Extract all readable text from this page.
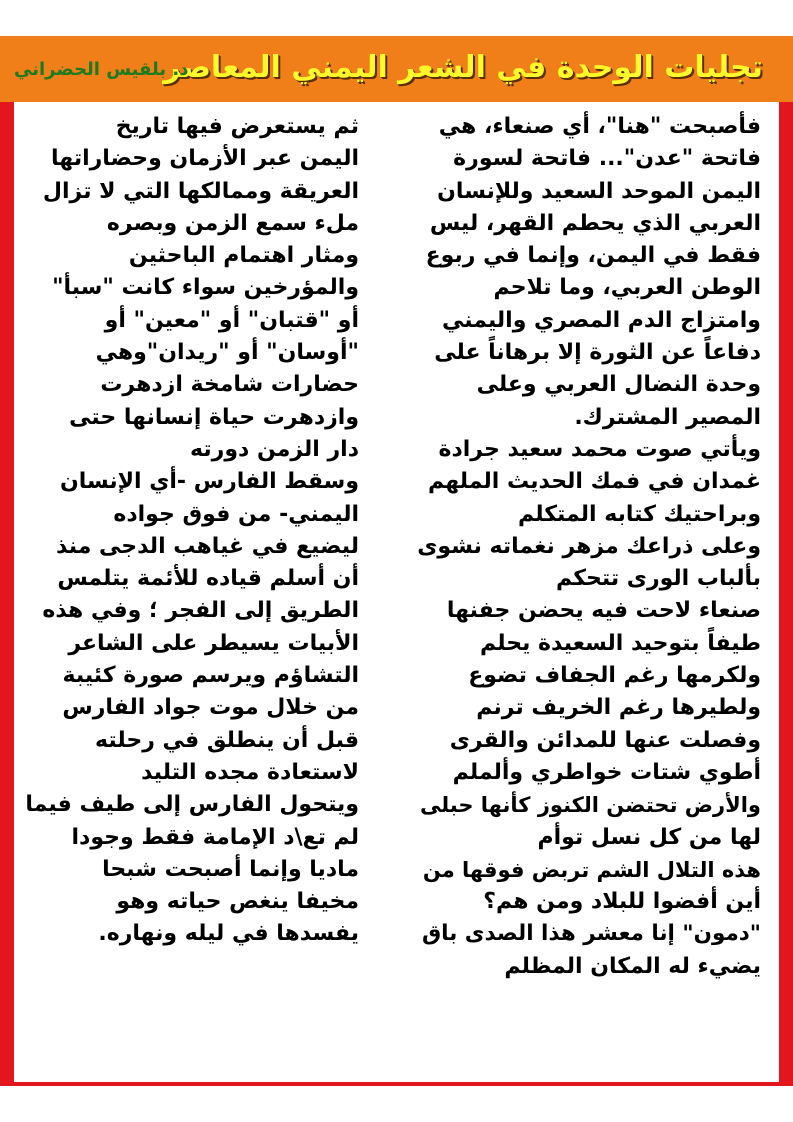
تجليات الوحدة في الشعر اليمني المعاصر
د. بلقيس الحضراني
فأصبحت "هنا"، أي صنعاء، هي
فاتحة "عدن"... فاتحة لسورة
اليمن الموحد السعيد وللإنسان
العربي الذي يحطم القهر، ليس
فقط في اليمن، وإنما في ربوع
الوطن العربي، وما تلاحم
وامتزاج الدم المصري واليمني
دفاعاً عن الثورة إلا برهاناً على
وحدة النضال العربي وعلى
المصير المشترك.
ويأتي صوت محمد سعيد جرادة
غمدان في فمك الحديث الملهم
وبراحتيك كتابه المتكلم
وعلى ذراعك مزهر نغماته نشوى
بألباب الورى تتحكم
صنعاء لاحت فيه يحضن جفنها
طيفاً بتوحيد السعيدة يحلم
ولكرمها رغم الجفاف تضوع
ولطيرها رغم الخريف ترنم
وفصلت عنها للمدائن والقرى
أطوي شتات خواطري وألملم
والأرض تحتضن الكنوز كأنها حبلى
لها من كل نسل توأم
هذه التلال الشم تربض فوقها من
أين أفضوا للبلاد ومن هم؟
"دمون" إنا معشر هذا الصدى باق
يضيء له المكان المظلم
ثم يستعرض فيها تاريخ
اليمن عبر الأزمان وحضاراتها
العريقة وممالكها التي لا تزال
ملء سمع الزمن وبصره
ومثار اهتمام الباحثين
والمؤرخين سواء كانت "سبأ"
أو "قتبان" أو "معين" أو
"أوسان" أو "ريدان"وهي
حضارات شامخة ازدهرت
وازدهرت حياة إنسانها حتى
دار الزمن دورته
وسقط الفارس -أي الإنسان
اليمني- من فوق جواده
ليضيع في غياهب الدجى منذ
أن أسلم قياده للأئمة يتلمس
الطريق إلى الفجر ؛ وفي هذه
الأبيات يسيطر على الشاعر
التشاؤم ويرسم صورة كئيبة
من خلال موت جواد الفارس
قبل أن ينطلق في رحلته
لاستعادة مجده التليد
ويتحول الفارس إلى طيف فيما
لم تع\د الإمامة فقط وجودا
ماديا وإنما أصبحت شبحا
مخيفا ينغص حياته وهو
يفسدها في ليله ونهاره.
